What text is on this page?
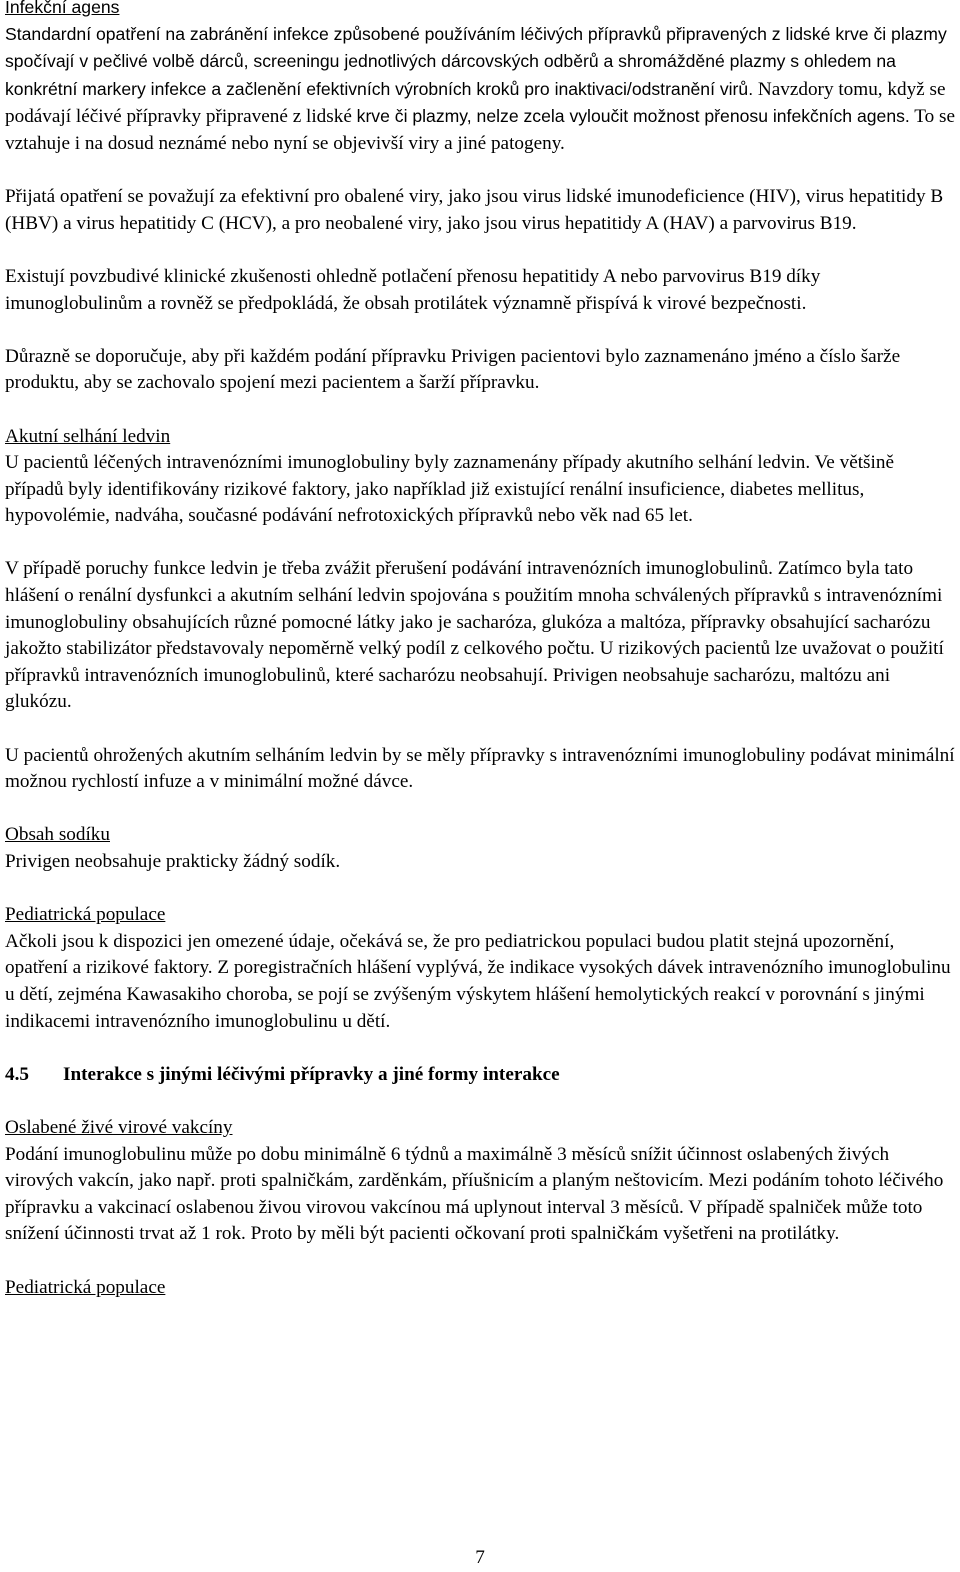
Infekční agens

Standardní opatření na zabránění infekce způsobené používáním léčivých přípravků připravených z lidské krve či plazmy spočívají v pečlivé volbě dárců, screeningu jednotlivých dárcovských odběrů a shromážděné plazmy s ohledem na konkrétní markery infekce a začlenění efektivních výrobních kroků pro inaktivaci/odstranění virů. Navzdory tomu, když se podávají léčivé přípravky připravené z lidské krve či plazmy, nelze zcela vyloučit možnost přenosu infekčních agens. To se vztahuje i na dosud neznámé nebo nyní se objevivší viry a jiné patogeny.

Přijatá opatření se považují za efektivní pro obalené viry, jako jsou virus lidské imunodeficience (HIV), virus hepatitidy B (HBV) a virus hepatitidy C (HCV), a pro neobalené viry, jako jsou virus hepatitidy A (HAV) a parvovirus B19.

Existují povzbudivé klinické zkušenosti ohledně potlačení přenosu hepatitidy A nebo parvovirus B19 díky imunoglobulinům a rovněž se předpokládá, že obsah protilátek významně přispívá k virové bezpečnosti.

Důrazně se doporučuje, aby při každém podání přípravku Privigen pacientovi bylo zaznamenáno jméno a číslo šarže produktu, aby se zachovalo spojení mezi pacientem a šarží přípravku.

Akutní selhání ledvin

U pacientů léčených intravenózními imunoglobuliny byly zaznamenány případy akutního selhání ledvin. Ve většině případů byly identifikovány rizikové faktory, jako například již existující renální insuficience, diabetes mellitus, hypovolémie, nadváha, současné podávání nefrotoxických přípravků nebo věk nad 65 let.

V případě poruchy funkce ledvin je třeba zvážit přerušení podávání intravenózních imunoglobulinů. Zatímco byla tato hlášení o renální dysfunkci a akutním selhání ledvin spojována s použitím mnoha schválených přípravků s intravenózními imunoglobuliny obsahujících různé pomocné látky jako je sacharóza, glukóza a maltóza, přípravky obsahující sacharózu jakožto stabilizátor představovaly nepoměrně velký podíl z celkového počtu. U rizikových pacientů lze uvažovat o použití přípravků intravenózních imunoglobulinů, které sacharózu neobsahují. Privigen neobsahuje sacharózu, maltózu ani glukózu.

U pacientů ohrožených akutním selháním ledvin by se měly přípravky s intravenózními imunoglobuliny podávat minimální možnou rychlostí infuze a v minimální možné dávce.

Obsah sodíku

Privigen neobsahuje prakticky žádný sodík.

Pediatrická populace

Ačkoli jsou k dispozici jen omezené údaje, očekává se, že pro pediatrickou populaci budou platit stejná upozornění, opatření a rizikové faktory. Z poregistračních hlášení vyplývá, že indikace vysokých dávek intravenózního imunoglobulinu u dětí, zejména Kawasakiho choroba, se pojí se zvýšeným výskytem hlášení hemolytických reakcí v porovnání s jinými indikacemi intravenózního imunoglobulinu u dětí.

4.5	Interakce s jinými léčivými přípravky a jiné formy interakce

Oslabené živé virové vakcíny

Podání imunoglobulinu může po dobu minimálně 6 týdnů a maximálně 3 měsíců snížit účinnost oslabených živých virových vakcín, jako např. proti spalničkám, zarděnkám, příušnicím a planým neštovicím. Mezi podáním tohoto léčivého přípravku a vakcinací oslabenou živou virovou vakcínou má uplynout interval 3 měsíců. V případě spalniček může toto snížení účinnosti trvat až 1 rok. Proto by měli být pacienti očkovaní proti spalničkám vyšetřeni na protilátky.

Pediatrická populace

7
